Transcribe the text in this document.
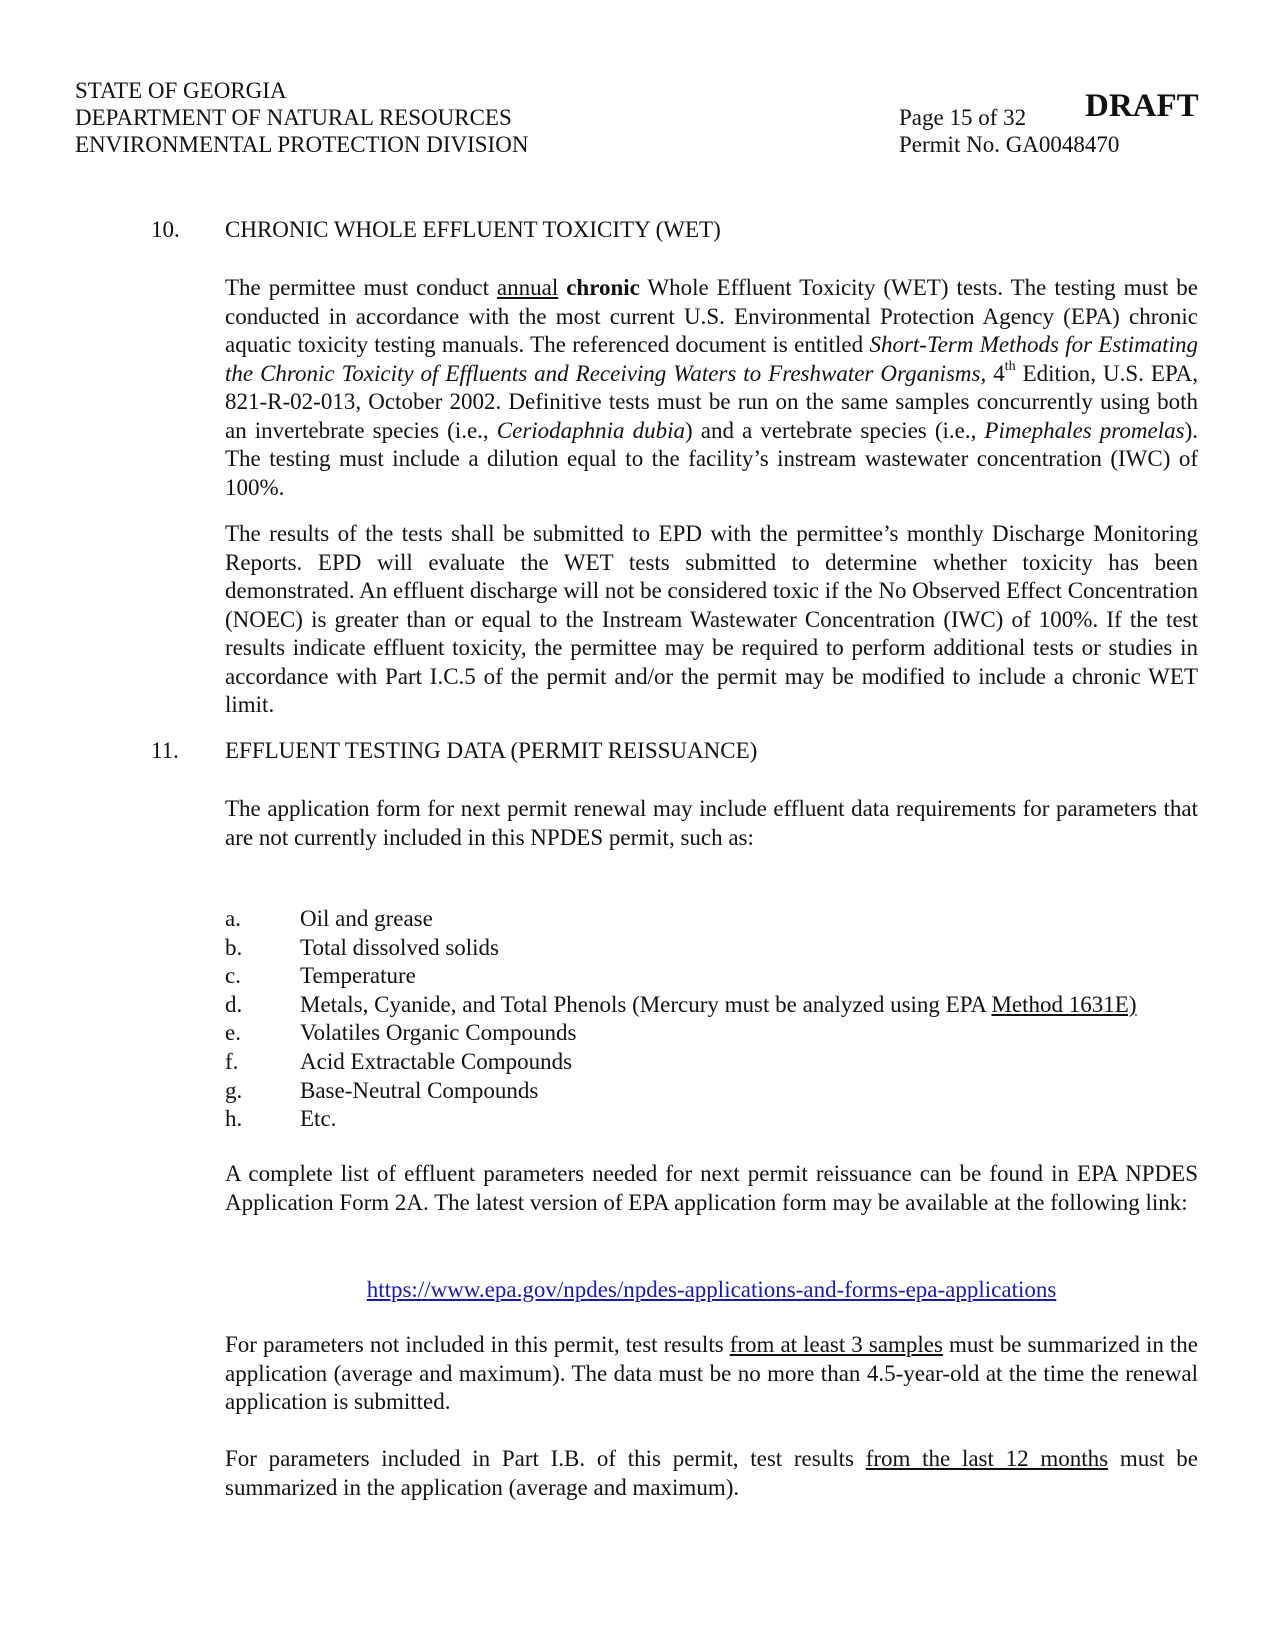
STATE OF GEORGIA
DEPARTMENT OF NATURAL RESOURCES
ENVIRONMENTAL PROTECTION DIVISION
Page 15 of 32
Permit No. GA0048470
DRAFT
10. CHRONIC WHOLE EFFLUENT TOXICITY (WET)

The permittee must conduct annual chronic Whole Effluent Toxicity (WET) tests. The testing must be conducted in accordance with the most current U.S. Environmental Protection Agency (EPA) chronic aquatic toxicity testing manuals. The referenced document is entitled Short-Term Methods for Estimating the Chronic Toxicity of Effluents and Receiving Waters to Freshwater Organisms, 4th Edition, U.S. EPA, 821-R-02-013, October 2002. Definitive tests must be run on the same samples concurrently using both an invertebrate species (i.e., Ceriodaphnia dubia) and a vertebrate species (i.e., Pimephales promelas). The testing must include a dilution equal to the facility’s instream wastewater concentration (IWC) of 100%.

The results of the tests shall be submitted to EPD with the permittee’s monthly Discharge Monitoring Reports. EPD will evaluate the WET tests submitted to determine whether toxicity has been demonstrated. An effluent discharge will not be considered toxic if the No Observed Effect Concentration (NOEC) is greater than or equal to the Instream Wastewater Concentration (IWC) of 100%. If the test results indicate effluent toxicity, the permittee may be required to perform additional tests or studies in accordance with Part I.C.5 of the permit and/or the permit may be modified to include a chronic WET limit.

11. EFFLUENT TESTING DATA (PERMIT REISSUANCE)

The application form for next permit renewal may include effluent data requirements for parameters that are not currently included in this NPDES permit, such as:

a.	Oil and grease
b.	Total dissolved solids
c.	Temperature
d.	Metals, Cyanide, and Total Phenols (Mercury must be analyzed using EPA Method 1631E)
e.	Volatiles Organic Compounds
f.	Acid Extractable Compounds
g.	Base-Neutral Compounds
h.	Etc.

A complete list of effluent parameters needed for next permit reissuance can be found in EPA NPDES Application Form 2A. The latest version of EPA application form may be available at the following link:

https://www.epa.gov/npdes/npdes-applications-and-forms-epa-applications

For parameters not included in this permit, test results from at least 3 samples must be summarized in the application (average and maximum). The data must be no more than 4.5-year-old at the time the renewal application is submitted.

For parameters included in Part I.B. of this permit, test results from the last 12 months must be summarized in the application (average and maximum).
